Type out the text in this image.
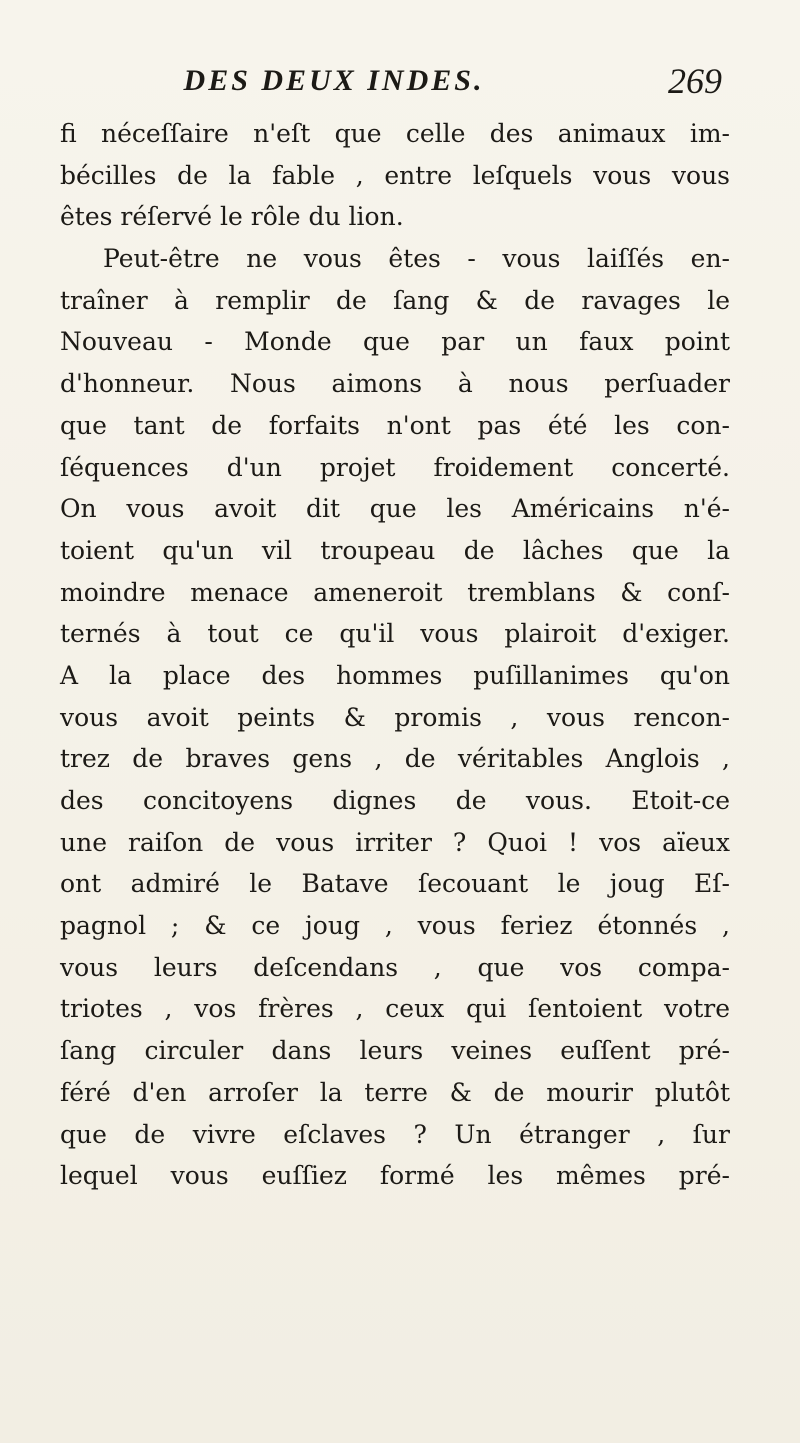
DES DEUX INDES.	269
fi néceſſaire n'eſt que celle des animaux im-
bécilles de la fable , entre leſquels vous vous
êtes réſervé le rôle du lion.
Peut-être ne vous êtes - vous laiſſés en-
traîner à remplir de ſang & de ravages le
Nouveau - Monde que par un faux point
d'honneur. Nous aimons à nous perſuader
que tant de forfaits n'ont pas été les con-
ſéquences d'un projet froidement concerté.
On vous avoit dit que les Américains n'é-
toient qu'un vil troupeau de lâches que la
moindre menace ameneroit tremblans & conſ-
ternés à tout ce qu'il vous plairoit d'exiger.
A la place des hommes puſillanimes qu'on
vous avoit peints & promis , vous rencon-
trez de braves gens , de véritables Anglois ,
des concitoyens dignes de vous. Etoit-ce
une raiſon de vous irriter ? Quoi ! vos aïeux
ont admiré le Batave ſecouant le joug Eſ-
pagnol ; & ce joug , vous feriez étonnés ,
vous leurs deſcendans , que vos compa-
triotes , vos frères , ceux qui ſentoient votre
ſang circuler dans leurs veines euſſent pré-
féré d'en arroſer la terre & de mourir plutôt
que de vivre eſclaves ? Un étranger , ſur
lequel vous euſſiez formé les mêmes pré-
